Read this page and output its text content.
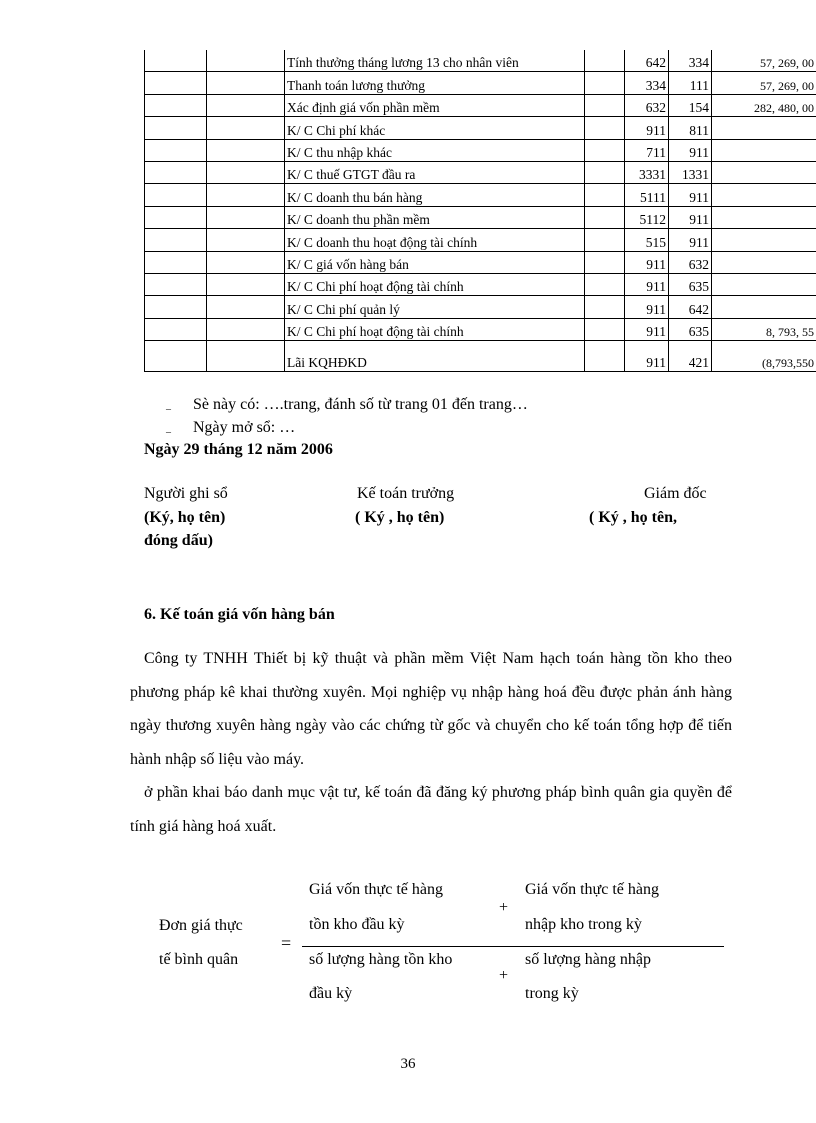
		Tính thưởng tháng lương 13 cho nhân viên		642	334	57, 269, 00
		Thanh toán lương thưởng		334	111	57, 269, 00
		Xác định giá vốn phần mềm		632	154	282, 480, 00
		K/ C Chi phí khác		911	811	
		K/ C thu nhập khác		711	911	
		K/ C thuế GTGT đầu ra		3331	1331	
		K/ C doanh thu bán hàng		5111	911	
		K/ C doanh thu phần mềm		5112	911	
		K/ C doanh thu hoạt động tài chính		515	911	
		K/ C giá vốn hàng bán		911	632	
		K/ C Chi phí hoạt động tài chính		911	635	
		K/ C Chi phí quản lý		911	642	
		K/ C Chi phí hoạt động tài chính		911	635	8, 793, 55
		Lãi KQHĐKD		911	421	(8,793,550
– Sè này có: ….trang, đánh số từ trang 01 đến trang…
– Ngày mở sổ: …
Ngày 29 tháng 12 năm 2006
Người ghi sổ
(Ký, họ tên)
đóng dấu)
Kế toán trưởng
( Ký , họ tên)
Giám đốc
( Ký , họ tên,
6. Kế toán giá vốn hàng bán

Công ty TNHH Thiết bị kỹ thuật và phần mềm Việt Nam hạch toán hàng tồn kho theo phương pháp kê khai thường xuyên. Mọi nghiệp vụ nhập hàng hoá đều được phản ánh hàng ngày thương xuyên hàng ngày vào các chứng từ gốc và chuyển cho kế toán tổng hợp để tiến hành nhập số liệu vào máy.

ở phần khai báo danh mục vật tư, kế toán đã đăng ký phương pháp bình quân gia quyền để tính giá hàng hoá xuất.

Đơn giá thực
tế bình quân
=
Giá vốn thực tế hàng
tồn kho đầu kỳ
+
Giá vốn thực tế hàng
nhập kho trong kỳ
số lượng hàng tồn kho
đầu kỳ
+
số lượng hàng nhập
trong kỳ
36
